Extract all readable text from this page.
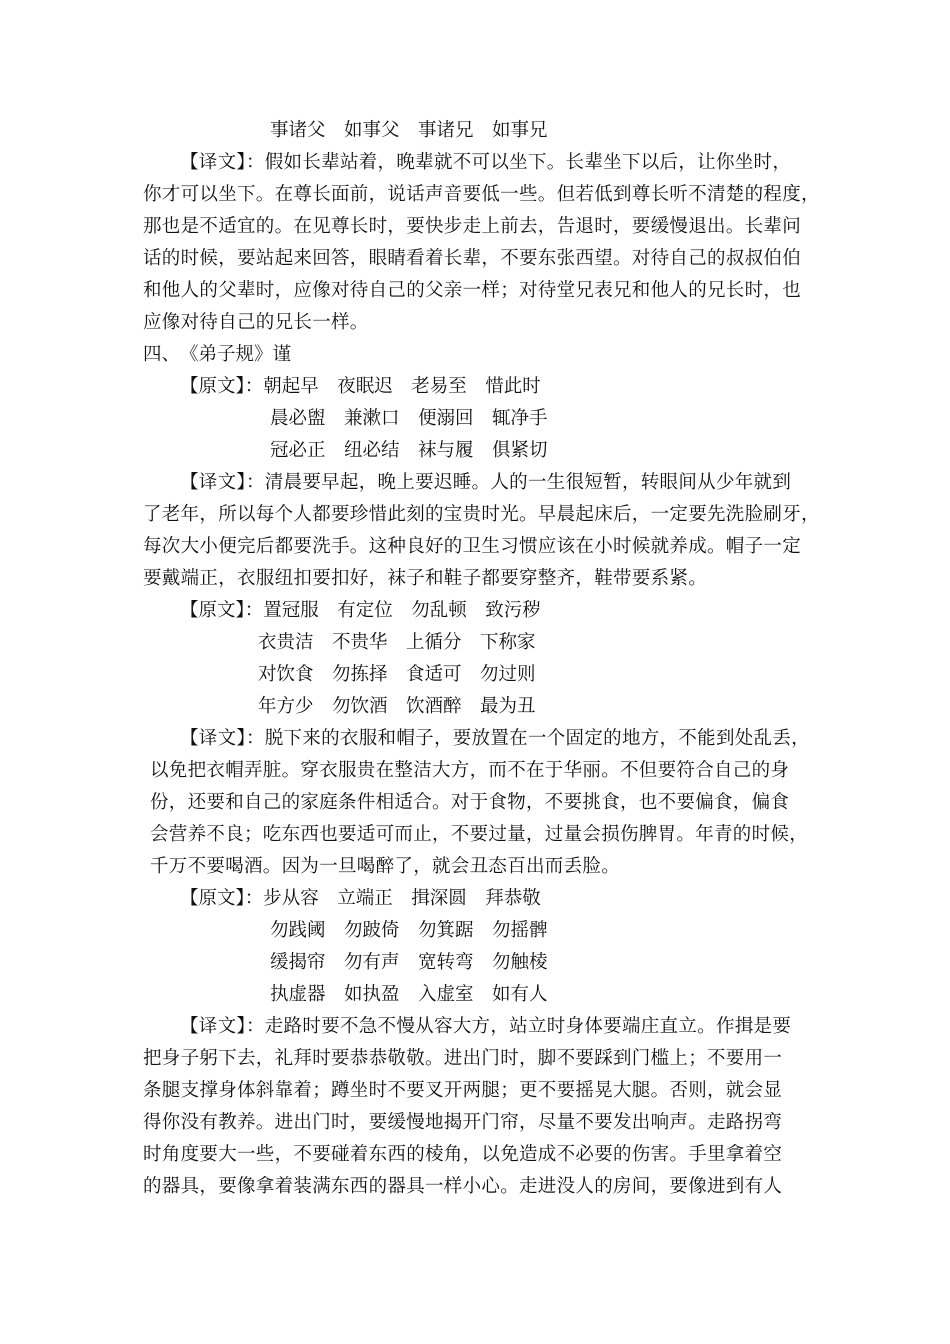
事诸父　如事父　事诸兄　如事兄
【译文】：假如长辈站着，晚辈就不可以坐下。长辈坐下以后，让你坐时，
你才可以坐下。在尊长面前，说话声音要低一些。但若低到尊长听不清楚的程度，
那也是不适宜的。在见尊长时，要快步走上前去，告退时，要缓慢退出。长辈问
话的时候，要站起来回答，眼睛看着长辈，不要东张西望。对待自己的叔叔伯伯
和他人的父辈时，应像对待自己的父亲一样；对待堂兄表兄和他人的兄长时，也
应像对待自己的兄长一样。
四、　《弟子规》谨
【原文】：朝起早　夜眠迟　老易至　惜此时
晨必盥　兼漱口　便溺回　辄净手
冠必正　纽必结　袜与履　俱紧切
【译文】：清晨要早起，晚上要迟睡。人的一生很短暂，转眼间从少年就到
了老年，所以每个人都要珍惜此刻的宝贵时光。早晨起床后，一定要先洗脸刷牙，
每次大小便完后都要洗手。这种良好的卫生习惯应该在小时候就养成。帽子一定
要戴端正，衣服纽扣要扣好，袜子和鞋子都要穿整齐，鞋带要系紧。
【原文】：置冠服　有定位　勿乱顿　致污秽
衣贵洁　不贵华　上循分　下称家
对饮食　勿拣择　食适可　勿过则
年方少　勿饮酒　饮酒醉　最为丑
【译文】：脱下来的衣服和帽子，要放置在一个固定的地方，不能到处乱丢，
以免把衣帽弄脏。穿衣服贵在整洁大方，而不在于华丽。不但要符合自己的身
份，还要和自己的家庭条件相适合。对于食物，不要挑食，也不要偏食，偏食
会营养不良；吃东西也要适可而止，不要过量，过量会损伤脾胃。年青的时候，
千万不要喝酒。因为一旦喝醉了，就会丑态百出而丢脸。
【原文】：步从容　立端正　揖深圆　拜恭敬
勿践阈　勿跛倚　勿箕踞　勿摇髀
缓揭帘　勿有声　宽转弯　勿触棱
执虚器　如执盈　入虚室　如有人
【译文】：走路时要不急不慢从容大方，站立时身体要端庄直立。作揖是要
把身子躬下去，礼拜时要恭恭敬敬。进出门时，脚不要踩到门槛上；不要用一
条腿支撑身体斜靠着；蹲坐时不要叉开两腿；更不要摇晃大腿。否则，就会显
得你没有教养。进出门时，要缓慢地揭开门帘，尽量不要发出响声。走路拐弯
时角度要大一些，不要碰着东西的棱角，以免造成不必要的伤害。手里拿着空
的器具，要像拿着装满东西的器具一样小心。走进没人的房间，要像进到有人
